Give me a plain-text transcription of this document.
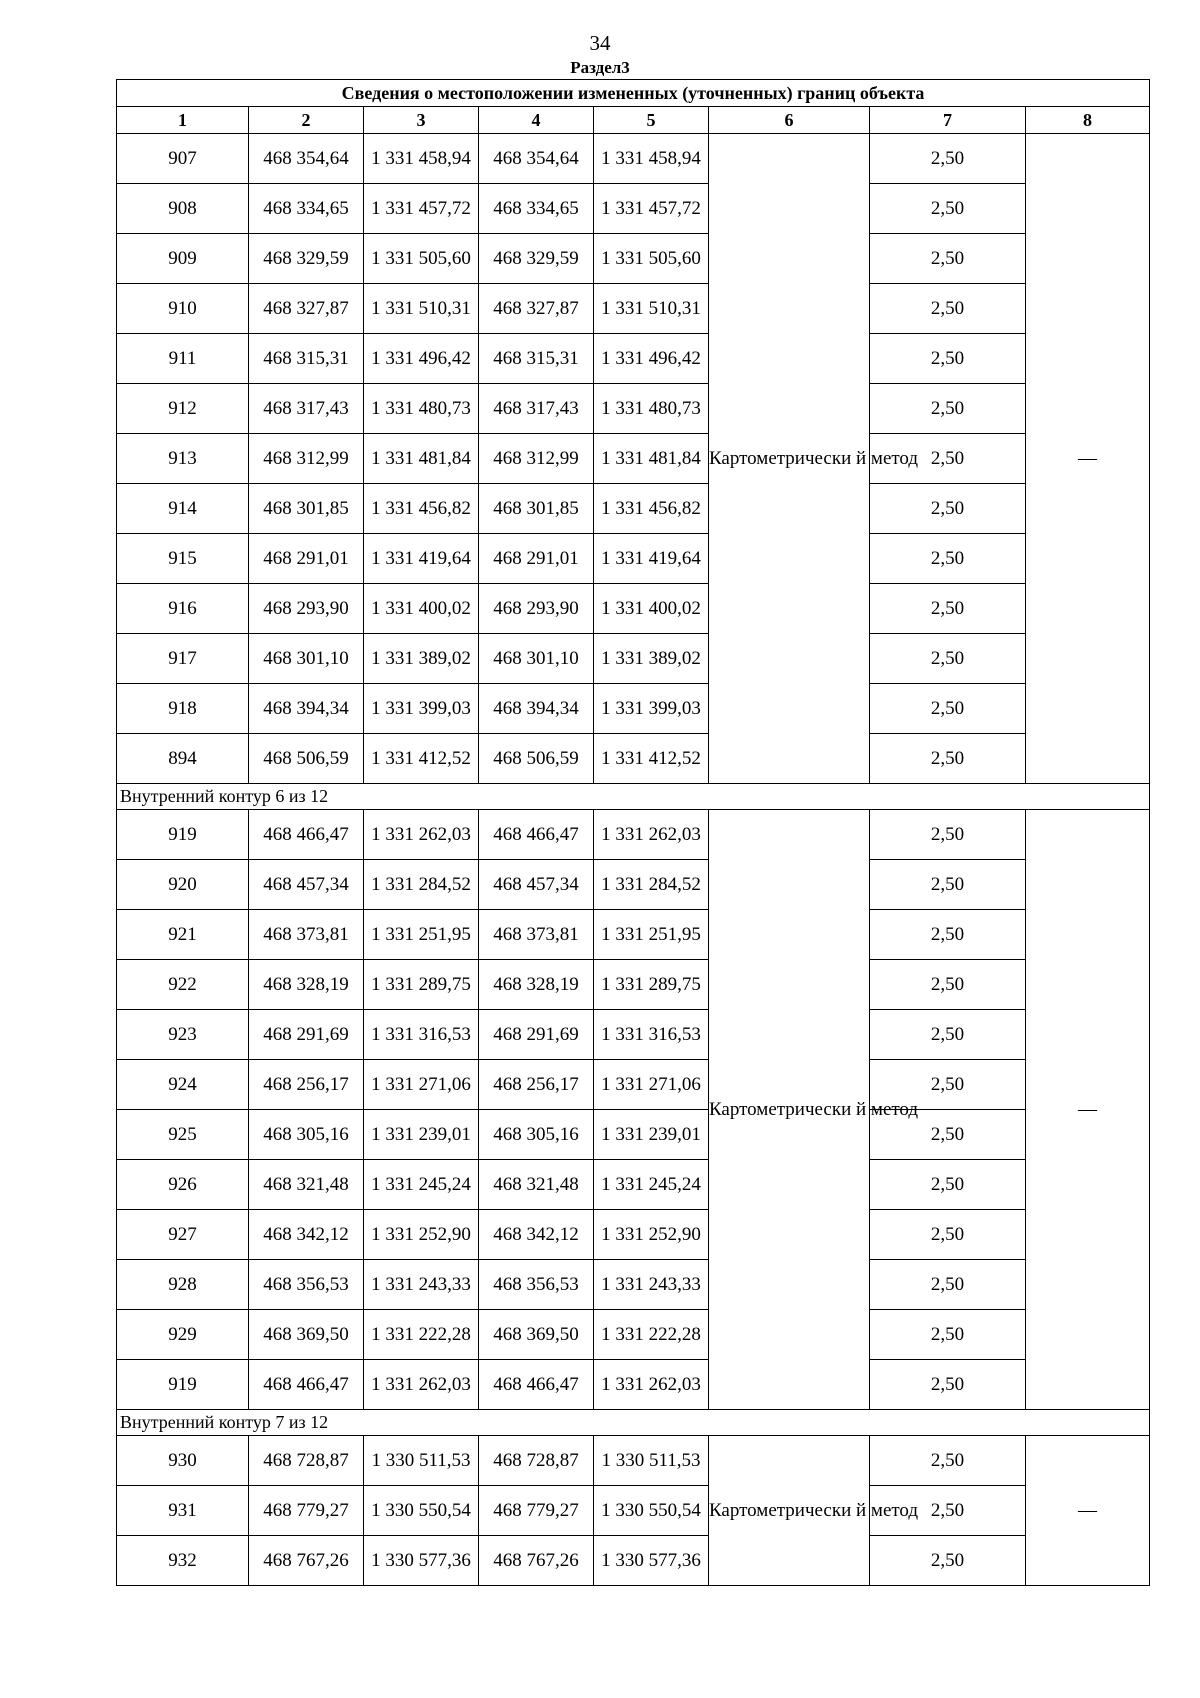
34
Раздел3
Сведения о местоположении измененных (уточненных) границ объекта							
1	2	3	4	5	6	7	8
907	468 354,64	1 331 458,94	468 354,64	1 331 458,94	Картометрически й метод	2,50	—
908	468 334,65	1 331 457,72	468 334,65	1 331 457,72		2,50	
909	468 329,59	1 331 505,60	468 329,59	1 331 505,60		2,50	
910	468 327,87	1 331 510,31	468 327,87	1 331 510,31		2,50	
911	468 315,31	1 331 496,42	468 315,31	1 331 496,42		2,50	
912	468 317,43	1 331 480,73	468 317,43	1 331 480,73		2,50	
913	468 312,99	1 331 481,84	468 312,99	1 331 481,84		2,50	
914	468 301,85	1 331 456,82	468 301,85	1 331 456,82		2,50	
915	468 291,01	1 331 419,64	468 291,01	1 331 419,64		2,50	
916	468 293,90	1 331 400,02	468 293,90	1 331 400,02		2,50	
917	468 301,10	1 331 389,02	468 301,10	1 331 389,02		2,50	
918	468 394,34	1 331 399,03	468 394,34	1 331 399,03		2,50	
894	468 506,59	1 331 412,52	468 506,59	1 331 412,52		2,50	
Внутренний контур 6 из 12							
919	468 466,47	1 331 262,03	468 466,47	1 331 262,03	Картометрически й метод	2,50	—
920	468 457,34	1 331 284,52	468 457,34	1 331 284,52		2,50	
921	468 373,81	1 331 251,95	468 373,81	1 331 251,95		2,50	
922	468 328,19	1 331 289,75	468 328,19	1 331 289,75		2,50	
923	468 291,69	1 331 316,53	468 291,69	1 331 316,53		2,50	
924	468 256,17	1 331 271,06	468 256,17	1 331 271,06		2,50	
925	468 305,16	1 331 239,01	468 305,16	1 331 239,01		2,50	
926	468 321,48	1 331 245,24	468 321,48	1 331 245,24		2,50	
927	468 342,12	1 331 252,90	468 342,12	1 331 252,90		2,50	
928	468 356,53	1 331 243,33	468 356,53	1 331 243,33		2,50	
929	468 369,50	1 331 222,28	468 369,50	1 331 222,28		2,50	
919	468 466,47	1 331 262,03	468 466,47	1 331 262,03		2,50	
Внутренний контур 7 из 12							
930	468 728,87	1 330 511,53	468 728,87	1 330 511,53	Картометрически й метод	2,50	—
931	468 779,27	1 330 550,54	468 779,27	1 330 550,54		2,50	
932	468 767,26	1 330 577,36	468 767,26	1 330 577,36		2,50	
